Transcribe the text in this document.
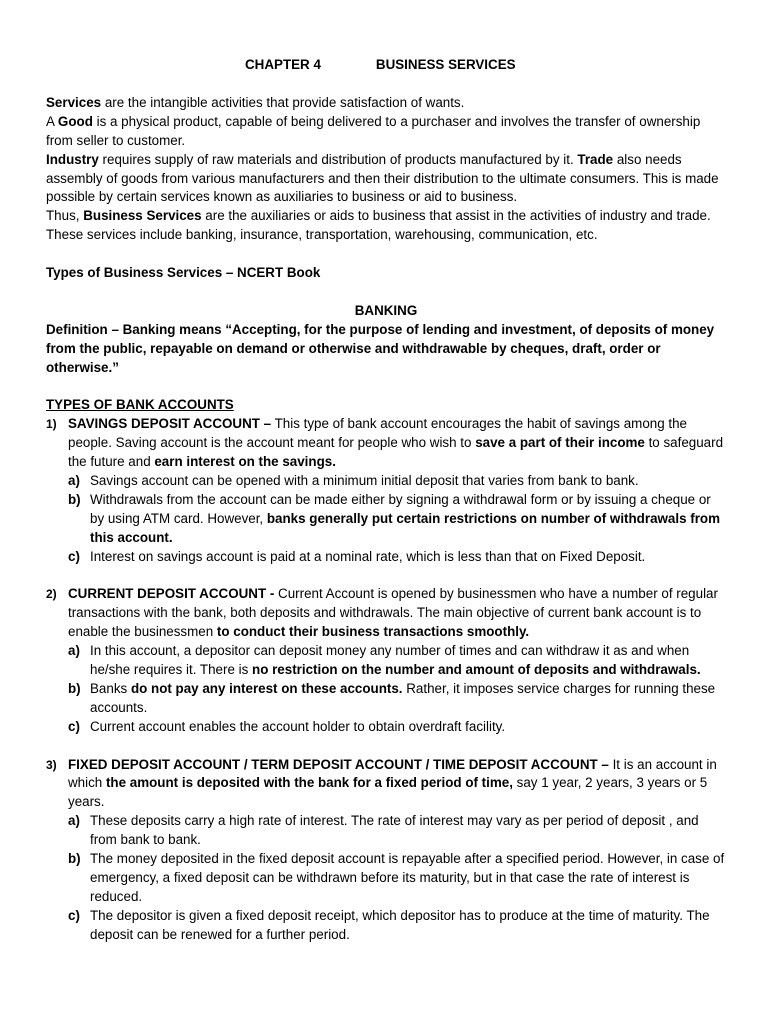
CHAPTER 4	BUSINESS SERVICES

Services are the intangible activities that provide satisfaction of wants.

A Good is a physical product, capable of being delivered to a purchaser and involves the transfer of ownership from seller to customer.

Industry requires supply of raw materials and distribution of products manufactured by it. Trade also needs assembly of goods from various manufacturers and then their distribution to the ultimate consumers. This is made possible by certain services known as auxiliaries to business or aid to business.

Thus, Business Services are the auxiliaries or aids to business that assist in the activities of industry and trade. These services include banking, insurance, transportation, warehousing, communication, etc.

Types of Business Services – NCERT Book

BANKING

Definition – Banking means “Accepting, for the purpose of lending and investment, of deposits of money from the public, repayable on demand or otherwise and withdrawable by cheques, draft, order or otherwise.”

TYPES OF BANK ACCOUNTS

1) SAVINGS DEPOSIT ACCOUNT – This type of bank account encourages the habit of savings among the people. Saving account is the account meant for people who wish to save a part of their income to safeguard the future and earn interest on the savings.

a) Savings account can be opened with a minimum initial deposit that varies from bank to bank.

b) Withdrawals from the account can be made either by signing a withdrawal form or by issuing a cheque or by using ATM card. However, banks generally put certain restrictions on number of withdrawals from this account.

c) Interest on savings account is paid at a nominal rate, which is less than that on Fixed Deposit.

2) CURRENT DEPOSIT ACCOUNT - Current Account is opened by businessmen who have a number of regular transactions with the bank, both deposits and withdrawals. The main objective of current bank account is to enable the businessmen to conduct their business transactions smoothly.

a) In this account, a depositor can deposit money any number of times and can withdraw it as and when he/she requires it. There is no restriction on the number and amount of deposits and withdrawals.

b) Banks do not pay any interest on these accounts. Rather, it imposes service charges for running these accounts.

c) Current account enables the account holder to obtain overdraft facility.

3) FIXED DEPOSIT ACCOUNT / TERM DEPOSIT ACCOUNT / TIME DEPOSIT ACCOUNT – It is an account in which the amount is deposited with the bank for a fixed period of time, say 1 year, 2 years, 3 years or 5 years.

a) These deposits carry a high rate of interest. The rate of interest may vary as per period of deposit , and from bank to bank.

b) The money deposited in the fixed deposit account is repayable after a specified period. However, in case of emergency, a fixed deposit can be withdrawn before its maturity, but in that case the rate of interest is reduced.

c) The depositor is given a fixed deposit receipt, which depositor has to produce at the time of maturity. The deposit can be renewed for a further period.
